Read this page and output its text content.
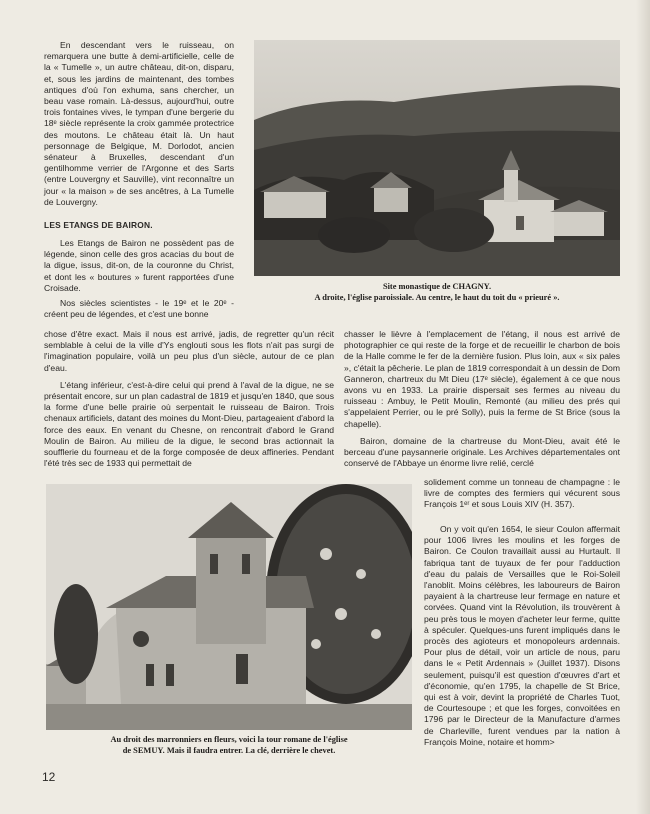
En descendant vers le ruisseau, on remarquera une butte à demi-artificielle, celle de la « Tumelle », un autre château, dit-on, disparu, et, sous les jardins de maintenant, des tombes antiques d'où l'on exhuma, sans chercher, un beau vase romain. Là-dessus, aujourd'hui, outre trois fontaines vives, le tympan d'une bergerie du 18ᵉ siècle représente la croix gammée protectrice des moutons. Le château était là. Un haut personnage de Belgique, M. Dorlodot, ancien sénateur à Bruxelles, descendant d'un gentilhomme verrier de l'Argonne et des Sarts (entre Louvergny et Sauville), vint reconnaître un jour « la maison » de ses ancêtres, à La Tumelle de Louvergny.

LES ETANGS DE BAIRON.

Les Etangs de Bairon ne possèdent pas de légende, sinon celle des gros acacias du bout de la digue, issus, dit-on, de la couronne du Christ, et dont les « boutures » furent rapportées d'une Croisade.

Nos siècles scientistes - le 19ᵉ et le 20ᵉ - créent peu de légendes, et c'est une bonne

Site monastique de CHAGNY.
A droite, l'église paroissiale. Au centre, le haut du toit du « prieuré ».

chose d'être exact. Mais il nous est arrivé, jadis, de regretter qu'un récit semblable à celui de la ville d'Ys englouti sous les flots n'ait pas surgi de l'imagination populaire, voilà un peu plus d'un siècle, autour de ce plan d'eau.

L'étang inférieur, c'est-à-dire celui qui prend à l'aval de la digue, ne se présentait encore, sur un plan cadastral de 1819 et jusqu'en 1840, que sous la forme d'une belle prairie où serpentait le ruisseau de Bairon. Trois chenaux artificiels, datant des moines du Mont-Dieu, partageaient d'abord la force des eaux. En venant du Chesne, on rencontrait d'abord le Grand Moulin de Bairon. Au milieu de la digue, le second bras actionnait la soufflerie du fourneau et de la forge composée de deux affineries. Pendant l'été très sec de 1933 qui permettait de

chasser le lièvre à l'emplacement de l'étang, il nous est arrivé de photographier ce qui reste de la forge et de recueillir le charbon de bois de la Halle comme le fer de la dernière fusion. Plus loin, aux « six pales », c'était la pêcherie. Le plan de 1819 correspondait à un dessin de Dom Ganneron, chartreux du Mt Dieu (17ᵉ siècle), également à ce que nous avons vu en 1933. La prairie dispersait ses fermes au niveau du ruisseau : Ambuy, le Petit Moulin, Remonté (au milieu des prés qui s'appelaient Perrier, ou le pré Solly), puis la ferme de St Brice (sous la chapelle).

Bairon, domaine de la chartreuse du Mont-Dieu, avait été le berceau d'une paysannerie originale. Les Archives départementales ont conservé de l'Abbaye un énorme livre relié, cerclé

solidement comme un tonneau de champagne : le livre de comptes des fermiers qui vécurent sous François 1ᵉʳ et sous Louis XIV (H. 357).

Au droit des marronniers en fleurs, voici la tour romane de l'église
de SEMUY. Mais il faudra entrer. La clé, derrière le chevet.

On y voit qu'en 1654, le sieur Coulon affermait pour 1006 livres les moulins et les forges de Bairon. Ce Coulon travaillait aussi au Hurtault. Il fabriqua tant de tuyaux de fer pour l'adduction d'eau du palais de Versailles que le Roi-Soleil l'anoblit. Moins célèbres, les laboureurs de Bairon payaient à la chartreuse leur fermage en nature et corvées. Quand vint la Révolution, ils trouvèrent à peu près tous le moyen d'acheter leur ferme, quitte à spéculer. Quelques-uns furent impliqués dans le procès des agioteurs et monopoleurs ardennais. Pour plus de détail, voir un article de nous, paru dans le « Petit Ardennais » (Juillet 1937). Disons seulement, puisqu'il est question d'œuvres d'art et d'économie, qu'en 1795, la chapelle de St Brice, qui est à voir, devint la propriété de Charles Tuot, de Courtesoupe ; et que les forges, convoitées en 1796 par le Directeur de la Manufacture d'armes de Charleville, furent vendues par la nation à François Moine, notaire et homm>

12
